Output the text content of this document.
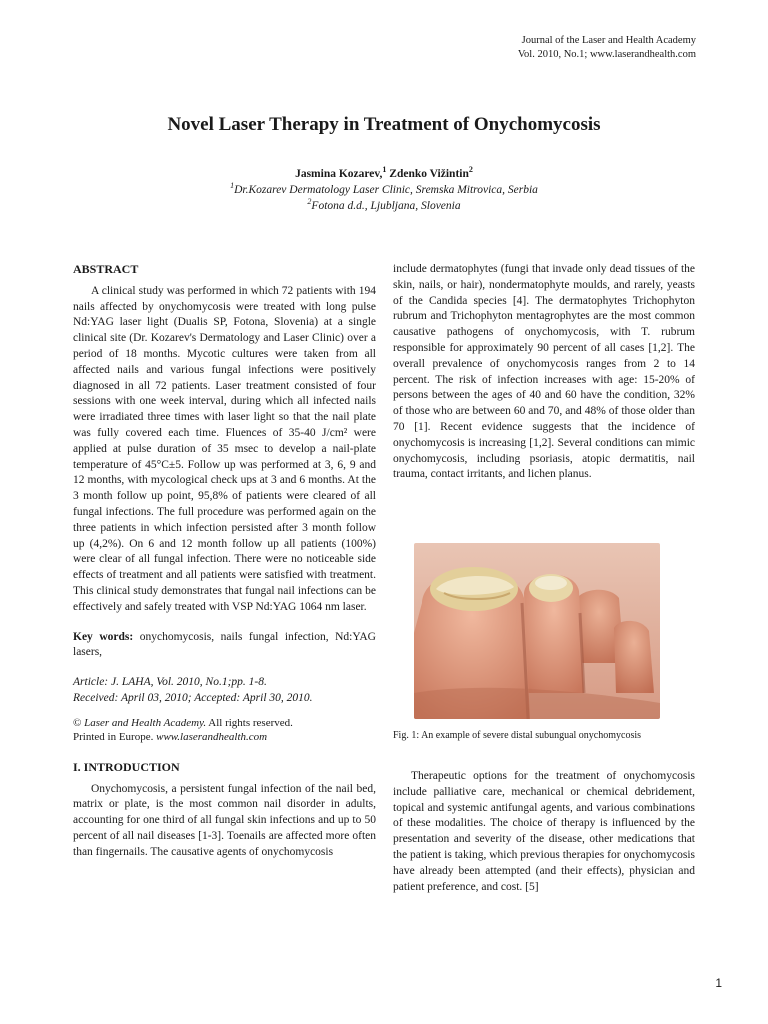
Journal of the Laser and Health Academy
Vol. 2010, No.1; www.laserandhealth.com
Novel Laser Therapy in Treatment of Onychomycosis
Jasmina Kozarev,$^1$ Zdenko Vižintin$^2$
$^1$Dr.Kozarev Dermatology Laser Clinic, Sremska Mitrovica, Serbia
$^2$Fotona d.d., Ljubljana, Slovenia
ABSTRACT

A clinical study was performed in which 72 patients with 194 nails affected by onychomycosis were treated with long pulse Nd:YAG laser light (Dualis SP, Fotona, Slovenia) at a single clinical site (Dr. Kozarev's Dermatology and Laser Clinic) over a period of 18 months. Mycotic cultures were taken from all affected nails and various fungal infections were positively diagnosed in all 72 patients. Laser treatment consisted of four sessions with one week interval, during which all infected nails were irradiated three times with laser light so that the nail plate was fully covered each time. Fluences of 35-40 J/cm² were applied at pulse duration of 35 msec to develop a nail-plate temperature of 45°C±5. Follow up was performed at 3, 6, 9 and 12 months, with mycological check ups at 3 and 6 months. At the 3 month follow up point, 95,8% of patients were cleared of all fungal infections. The full procedure was performed again on the three patients in which infection persisted after 3 month follow up (4,2%). On 6 and 12 month follow up all patients (100%) were clear of all fungal infection. There were no noticeable side effects of treatment and all patients were satisfied with treatment. This clinical study demonstrates that fungal nail infections can be effectively and safely treated with VSP Nd:YAG 1064 nm laser.

Key words: onychomycosis, nails fungal infection, Nd:YAG lasers,

Article: J. LAHA, Vol. 2010, No.1;pp. 1-8.
Received: April 03, 2010; Accepted: April 30, 2010.
© Laser and Health Academy. All rights reserved.
Printed in Europe. www.laserandhealth.com
I. INTRODUCTION

Onychomycosis, a persistent fungal infection of the nail bed, matrix or plate, is the most common nail disorder in adults, accounting for one third of all fungal skin infections and up to 50 percent of all nail diseases [1-3]. Toenails are affected more often than fingernails. The causative agents of onychomycosis

include dermatophytes (fungi that invade only dead tissues of the skin, nails, or hair), nondermatophyte moulds, and rarely, yeasts of the Candida species [4]. The dermatophytes Trichophyton rubrum and Trichophyton mentagrophytes are the most common causative pathogens of onychomycosis, with T. rubrum responsible for approximately 90 percent of all cases [1,2]. The overall prevalence of onychomycosis ranges from 2 to 14 percent. The risk of infection increases with age: 15-20% of persons between the ages of 40 and 60 have the condition, 32% of those who are between 60 and 70, and 48% of those older than 70 [1]. Recent evidence suggests that the incidence of onychomycosis is increasing [1,2]. Several conditions can mimic onychomycosis, including psoriasis, atopic dermatitis, nail trauma, contact irritants, and lichen planus.

Fig. 1: An example of severe distal subungual onychomycosis

Therapeutic options for the treatment of onychomycosis include palliative care, mechanical or chemical debridement, topical and systemic antifungal agents, and various combinations of these modalities. The choice of therapy is influenced by the presentation and severity of the disease, other medications that the patient is taking, which previous therapies for onychomycosis have already been attempted (and their effects), physician and patient preference, and cost. [5]

1
